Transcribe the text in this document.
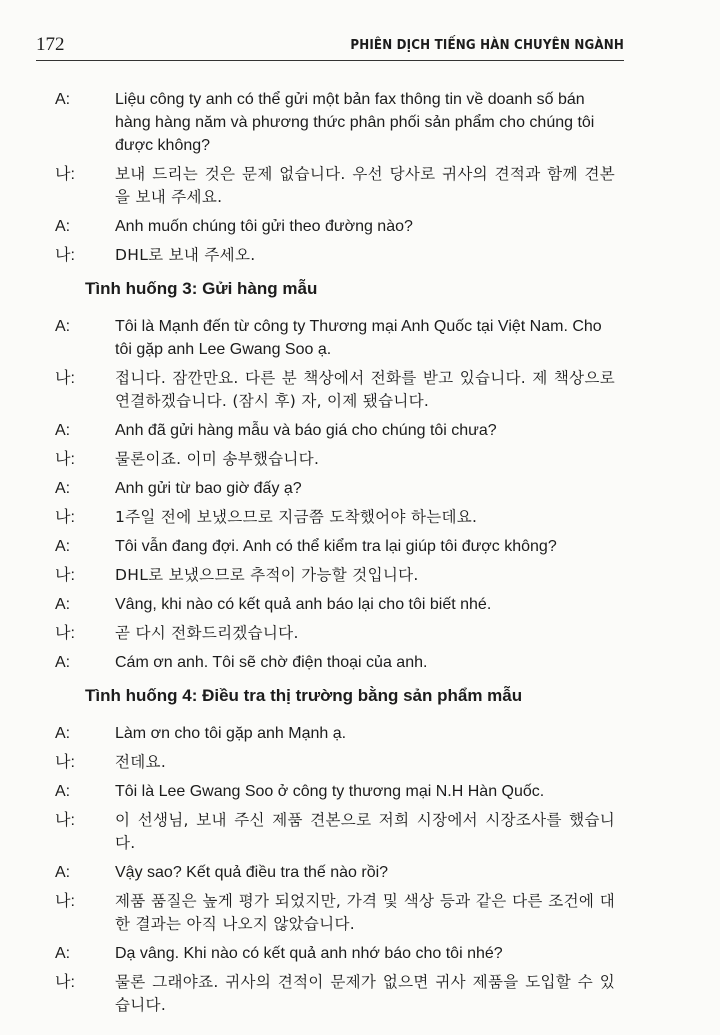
172	PHIÊN DỊCH TIẾNG HÀN CHUYÊN NGÀNH
A:	Liệu công ty anh có thể gửi một bản fax thông tin về doanh số bán hàng hàng năm và phương thức phân phối sản phẩm cho chúng tôi được không?
나:	보내 드리는 것은 문제 없습니다. 우선 당사로 귀사의 견적과 함께 견본을 보내 주세요.
A:	Anh muốn chúng tôi gửi theo đường nào?
나:	DHL로 보내 주세오.
Tình huống 3: Gửi hàng mẫu
A:	Tôi là Mạnh đến từ công ty Thương mại Anh Quốc tại Việt Nam. Cho tôi gặp anh Lee Gwang Soo ạ.
나:	접니다. 잠깐만요. 다른 분 책상에서 전화를 받고 있습니다. 제 책상으로 연결하겠습니다. (잠시 후) 자, 이제 됐습니다.
A:	Anh đã gửi hàng mẫu và báo giá cho chúng tôi chưa?
나:	물론이죠. 이미 송부했습니다.
A:	Anh gửi từ bao giờ đấy ạ?
나:	1주일 전에 보냈으므로 지금쯤 도착했어야 하는데요.
A:	Tôi vẫn đang đợi. Anh có thể kiểm tra lại giúp tôi được không?
나:	DHL로 보냈으므로 추적이 가능할 것입니다.
A:	Vâng, khi nào có kết quả anh báo lại cho tôi biết nhé.
나:	곧 다시 전화드리겠습니다.
A:	Cám ơn anh. Tôi sẽ chờ điện thoại của anh.
Tình huống 4: Điều tra thị trường bằng sản phẩm mẫu
A:	Làm ơn cho tôi gặp anh Mạnh ạ.
나:	전데요.
A:	Tôi là Lee Gwang Soo ở công ty thương mại N.H Hàn Quốc.
나:	이 선생님, 보내 주신 제품 견본으로 저희 시장에서 시장조사를 했습니다.
A:	Vậy sao? Kết quả điều tra thế nào rồi?
나:	제품 품질은 높게 평가 되었지만, 가격 및 색상 등과 같은 다른 조건에 대한 결과는 아직 나오지 않았습니다.
A:	Dạ vâng. Khi nào có kết quả anh nhớ báo cho tôi nhé?
나:	물론 그래야죠. 귀사의 견적이 문제가 없으면 귀사 제품을 도입할 수 있습니다.
